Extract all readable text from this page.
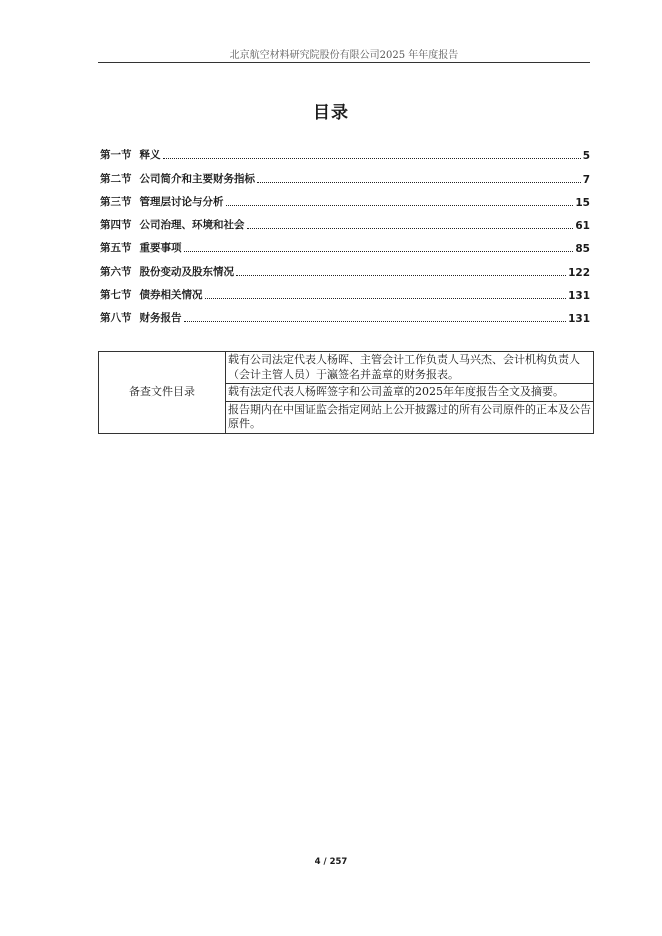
北京航空材料研究院股份有限公司2025 年年度报告
目录
第一节 释义	5
第二节 公司简介和主要财务指标	7
第三节 管理层讨论与分析	15
第四节 公司治理、环境和社会	61
第五节 重要事项	85
第六节 股份变动及股东情况	122
第七节 债券相关情况	131
第八节 财务报告	131
备查文件目录	载有公司法定代表人杨晖、主管会计工作负责人马兴杰、会计机构负责人（会计主管人员）于瀛签名并盖章的财务报表。
载有法定代表人杨晖签字和公司盖章的2025年年度报告全文及摘要。
报告期内在中国证监会指定网站上公开披露过的所有公司原件的正本及公告原件。
4 / 257
